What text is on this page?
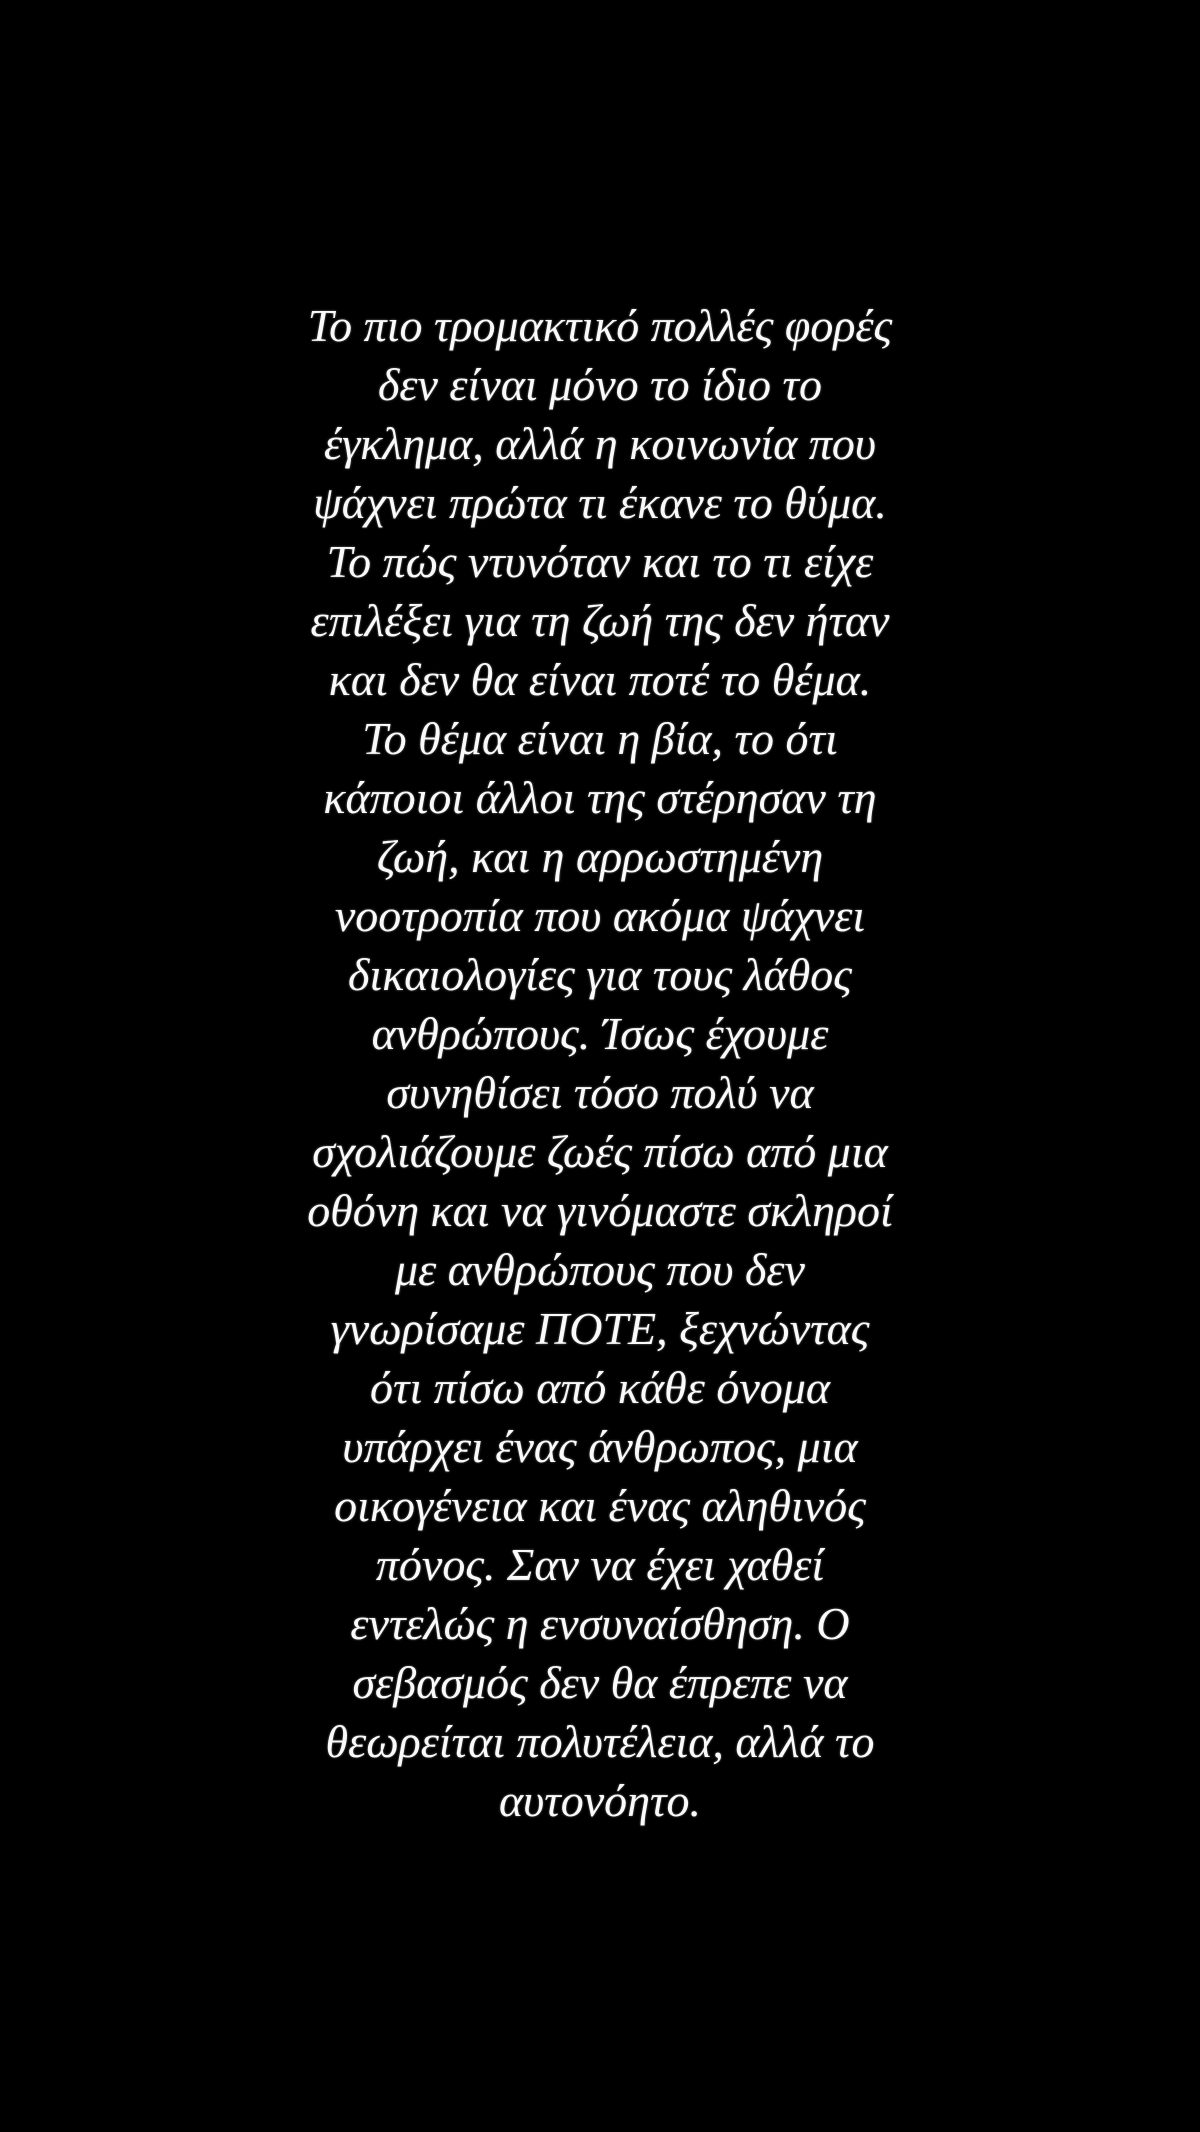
Το πιο τρομακτικό πολλές φορές
δεν είναι μόνο το ίδιο το
έγκλημα, αλλά η κοινωνία που
ψάχνει πρώτα τι έκανε το θύμα.
Το πώς ντυνόταν και το τι είχε
επιλέξει για τη ζωή της δεν ήταν
και δεν θα είναι ποτέ το θέμα.
Το θέμα είναι η βία, το ότι
κάποιοι άλλοι της στέρησαν τη
ζωή, και η αρρωστημένη
νοοτροπία που ακόμα ψάχνει
δικαιολογίες για τους λάθος
ανθρώπους. Ίσως έχουμε
συνηθίσει τόσο πολύ να
σχολιάζουμε ζωές πίσω από μια
οθόνη και να γινόμαστε σκληροί
με ανθρώπους που δεν
γνωρίσαμε ΠΟΤΕ, ξεχνώντας
ότι πίσω από κάθε όνομα
υπάρχει ένας άνθρωπος, μια
οικογένεια και ένας αληθινός
πόνος. Σαν να έχει χαθεί
εντελώς η ενσυναίσθηση. Ο
σεβασμός δεν θα έπρεπε να
θεωρείται πολυτέλεια, αλλά το
αυτονόητο.
